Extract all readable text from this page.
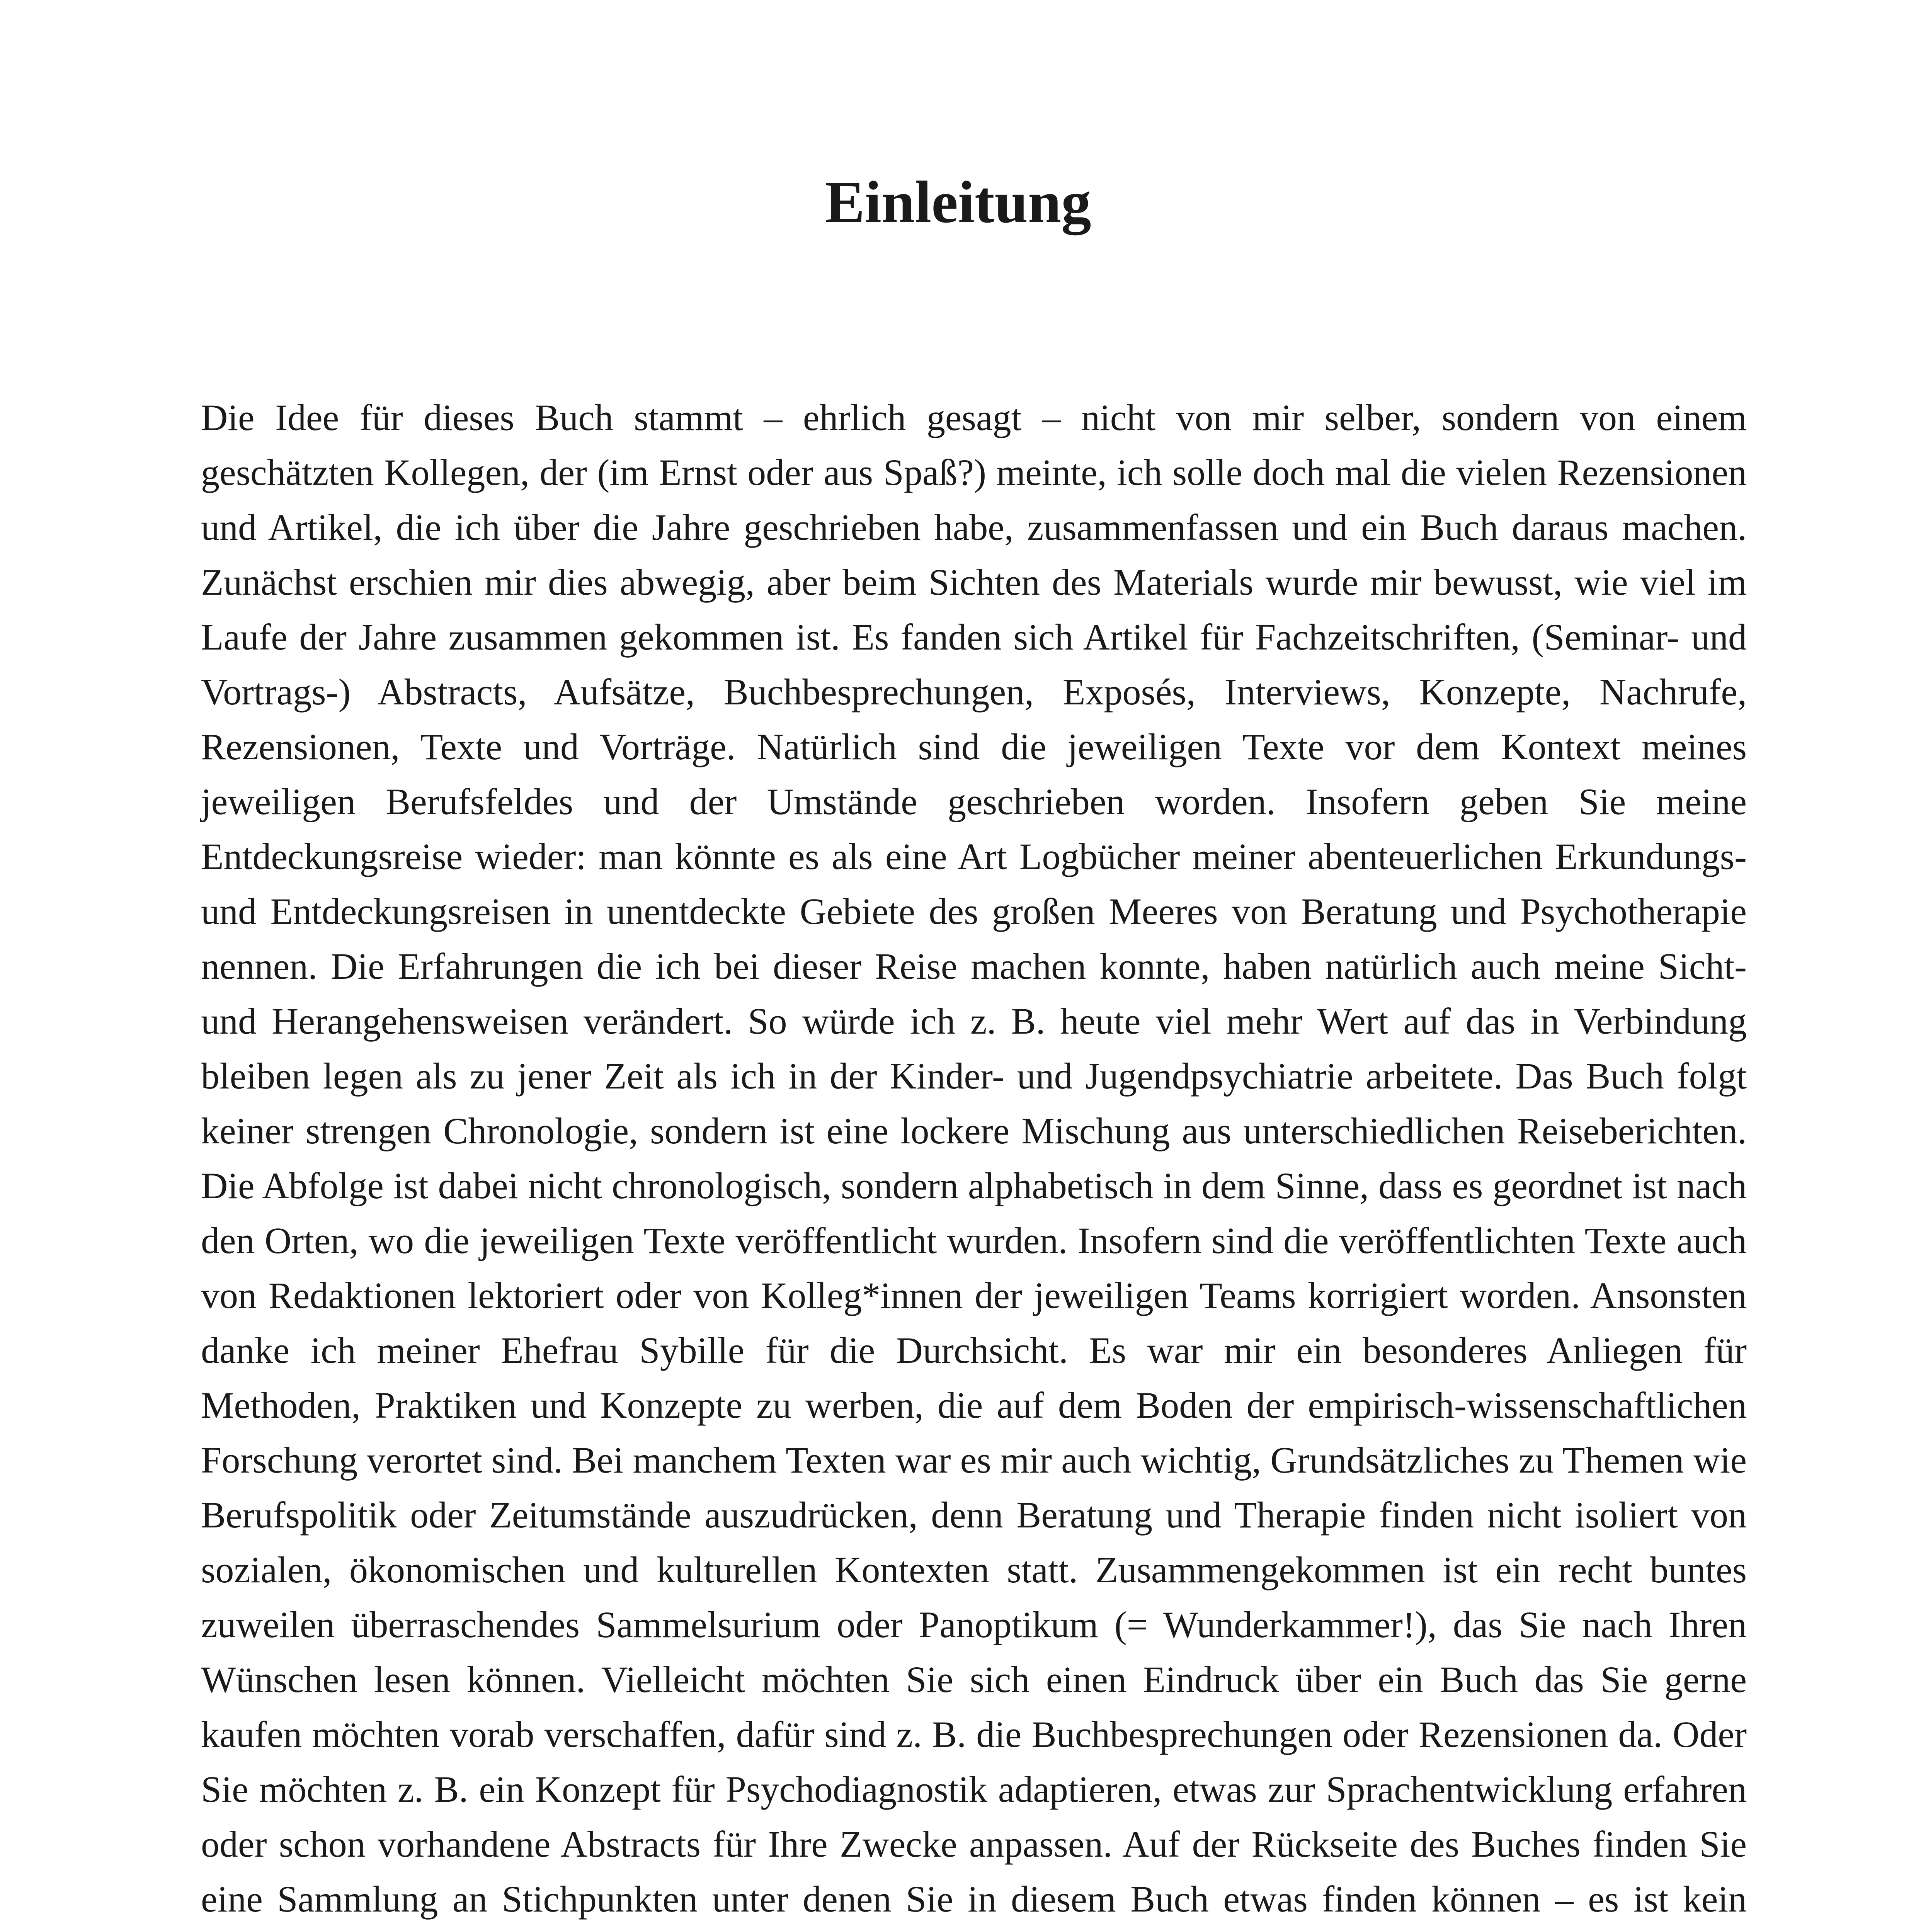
Einleitung

Die Idee für dieses Buch stammt – ehrlich gesagt – nicht von mir selber, sondern von einem geschätzten Kollegen, der (im Ernst oder aus Spaß?) meinte, ich solle doch mal die vielen Rezensionen und Artikel, die ich über die Jahre geschrieben habe, zusammenfassen und ein Buch daraus machen. Zunächst erschien mir dies abwegig, aber beim Sichten des Materials wurde mir bewusst, wie viel im Laufe der Jahre zusammen gekommen ist. Es fanden sich Artikel für Fachzeitschriften, (Seminar- und Vortrags-) Abstracts, Aufsätze, Buchbesprechungen, Exposés, Interviews, Konzepte, Nachrufe, Rezensionen, Texte und Vorträge. Natürlich sind die jeweiligen Texte vor dem Kontext meines jeweiligen Berufsfeldes und der Umstände geschrieben worden. Insofern geben Sie meine Entdeckungsreise wieder: man könnte es als eine Art Logbücher meiner abenteuerlichen Erkundungs- und Entdeckungsreisen in unentdeckte Gebiete des großen Meeres von Beratung und Psychotherapie nennen. Die Erfahrungen die ich bei dieser Reise machen konnte, haben natürlich auch meine Sicht- und Herangehensweisen verändert. So würde ich z. B. heute viel mehr Wert auf das in Verbindung bleiben legen als zu jener Zeit als ich in der Kinder- und Jugendpsychiatrie arbeitete. Das Buch folgt keiner strengen Chronologie, sondern ist eine lockere Mischung aus unterschiedlichen Reiseberichten. Die Abfolge ist dabei nicht chronologisch, sondern alphabetisch in dem Sinne, dass es geordnet ist nach den Orten, wo die jeweiligen Texte veröffentlicht wurden. Insofern sind die veröffentlichten Texte auch von Redaktionen lektoriert oder von Kolleg*innen der jeweiligen Teams korrigiert worden. Ansonsten danke ich meiner Ehefrau Sybille für die Durchsicht. Es war mir ein besonderes Anliegen für Methoden, Praktiken und Konzepte zu werben, die auf dem Boden der empirisch-wissenschaftlichen Forschung verortet sind. Bei manchem Texten war es mir auch wichtig, Grundsätzliches zu Themen wie Berufspolitik oder Zeitumstände auszudrücken, denn Beratung und Therapie finden nicht isoliert von sozialen, ökonomischen und kulturellen Kontexten statt. Zusammengekommen ist ein recht buntes zuweilen überraschendes Sammelsurium oder Panoptikum (= Wunderkammer!), das Sie nach Ihren Wünschen lesen können. Vielleicht möchten Sie sich einen Eindruck über ein Buch das Sie gerne kaufen möchten vorab verschaffen, dafür sind z. B. die Buchbesprechungen oder Rezensionen da. Oder Sie möchten z. B. ein Konzept für Psychodiagnostik adaptieren, etwas zur Sprachentwicklung erfahren oder schon vorhandene Abstracts für Ihre Zwecke anpassen. Auf der Rückseite des Buches finden Sie eine Sammlung an Stichpunkten unter denen Sie in diesem Buch etwas finden können – es ist kein
